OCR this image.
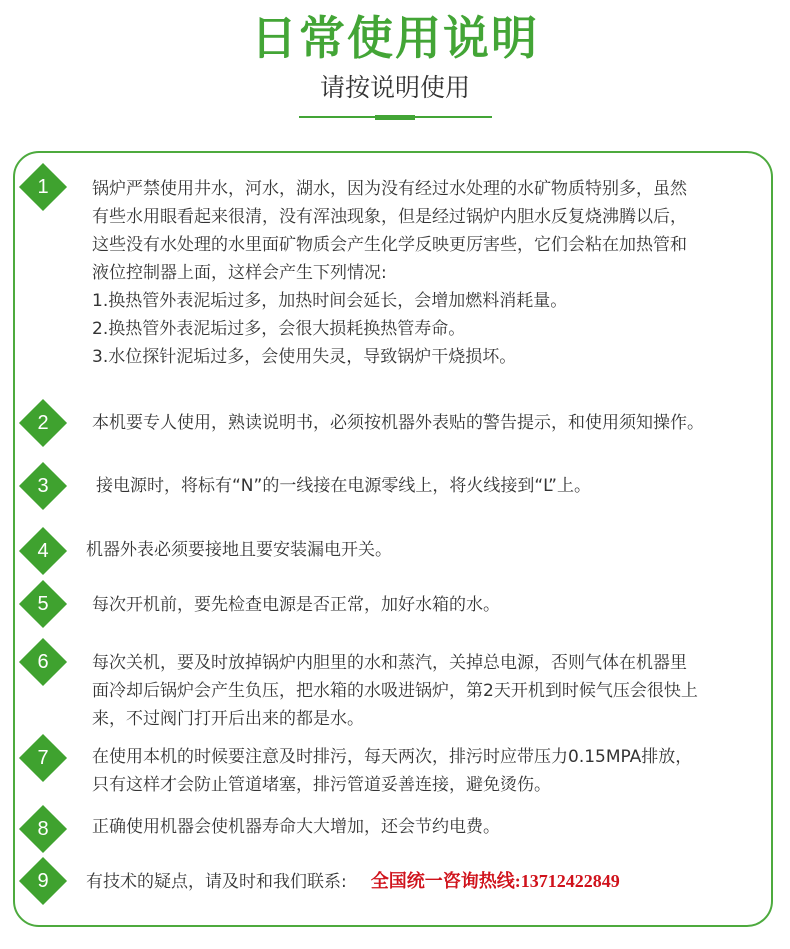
日常使用说明
请按说明使用
1	锅炉严禁使用井水，河水，湖水，因为没有经过水处理的水矿物质特别多，虽然
有些水用眼看起来很清，没有浑浊现象，但是经过锅炉内胆水反复烧沸腾以后，
这些没有水处理的水里面矿物质会产生化学反映更厉害些，它们会粘在加热管和
液位控制器上面，这样会产生下列情况:
1.换热管外表泥垢过多，加热时间会延长，会增加燃料消耗量。
2.换热管外表泥垢过多，会很大损耗换热管寿命。
3.水位探针泥垢过多，会使用失灵，导致锅炉干烧损坏。
2	本机要专人使用，熟读说明书，必须按机器外表贴的警告提示，和使用须知操作。
3	接电源时，将标有“N”的一线接在电源零线上，将火线接到“L”上。
4	机器外表必须要接地且要安装漏电开关。
5	每次开机前，要先检查电源是否正常，加好水箱的水。
6	每次关机，要及时放掉锅炉内胆里的水和蒸汽，关掉总电源，否则气体在机器里
面冷却后锅炉会产生负压，把水箱的水吸进锅炉，第2天开机到时候气压会很快上
来，不过阀门打开后出来的都是水。
7	在使用本机的时候要注意及时排污，每天两次，排污时应带压力0.15MPA排放，
只有这样才会防止管道堵塞，排污管道妥善连接，避免烫伤。
8	正确使用机器会使机器寿命大大增加，还会节约电费。
9	有技术的疑点，请及时和我们联系: 全国统一咨询热线:13712422849
